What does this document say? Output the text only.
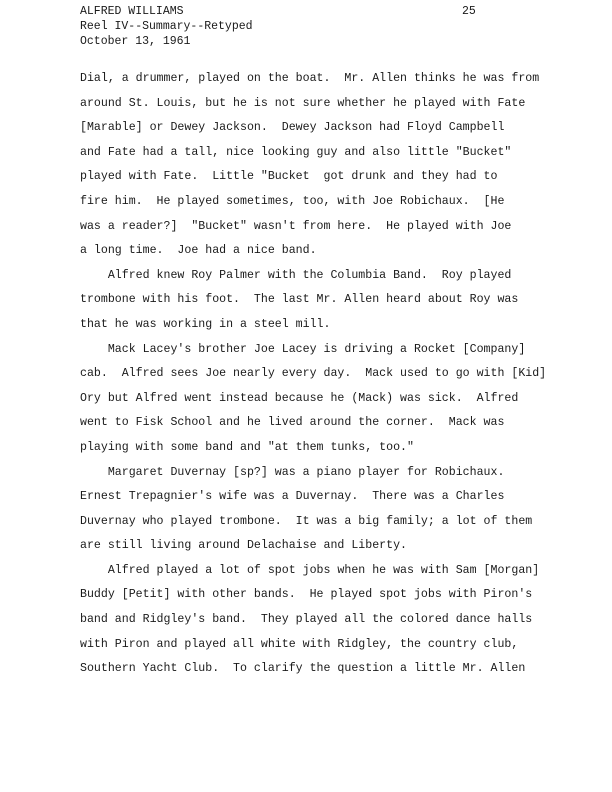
ALFRED WILLIAMS
Reel IV--Summary--Retyped
October 13, 1961
25
Dial, a drummer, played on the boat.  Mr. Allen thinks he was from
around St. Louis, but he is not sure whether he played with Fate
[Marable] or Dewey Jackson.  Dewey Jackson had Floyd Campbell
and Fate had a tall, nice looking guy and also little "Bucket"
played with Fate.  Little "Bucket  got drunk and they had to
fire him.  He played sometimes, too, with Joe Robichaux.  [He
was a reader?]  "Bucket" wasn't from here.  He played with Joe
a long time.  Joe had a nice band.
Alfred knew Roy Palmer with the Columbia Band.  Roy played
trombone with his foot.  The last Mr. Allen heard about Roy was
that he was working in a steel mill.
Mack Lacey's brother Joe Lacey is driving a Rocket [Company]
cab.  Alfred sees Joe nearly every day.  Mack used to go with [Kid]
Ory but Alfred went instead because he (Mack) was sick.  Alfred
went to Fisk School and he lived around the corner.  Mack was
playing with some band and "at them tunks, too."
Margaret Duvernay [sp?] was a piano player for Robichaux.
Ernest Trepagnier's wife was a Duvernay.  There was a Charles
Duvernay who played trombone.  It was a big family; a lot of them
are still living around Delachaise and Liberty.
Alfred played a lot of spot jobs when he was with Sam [Morgan]
Buddy [Petit] with other bands.  He played spot jobs with Piron's
band and Ridgley's band.  They played all the colored dance halls
with Piron and played all white with Ridgley, the country club,
Southern Yacht Club.  To clarify the question a little Mr. Allen
